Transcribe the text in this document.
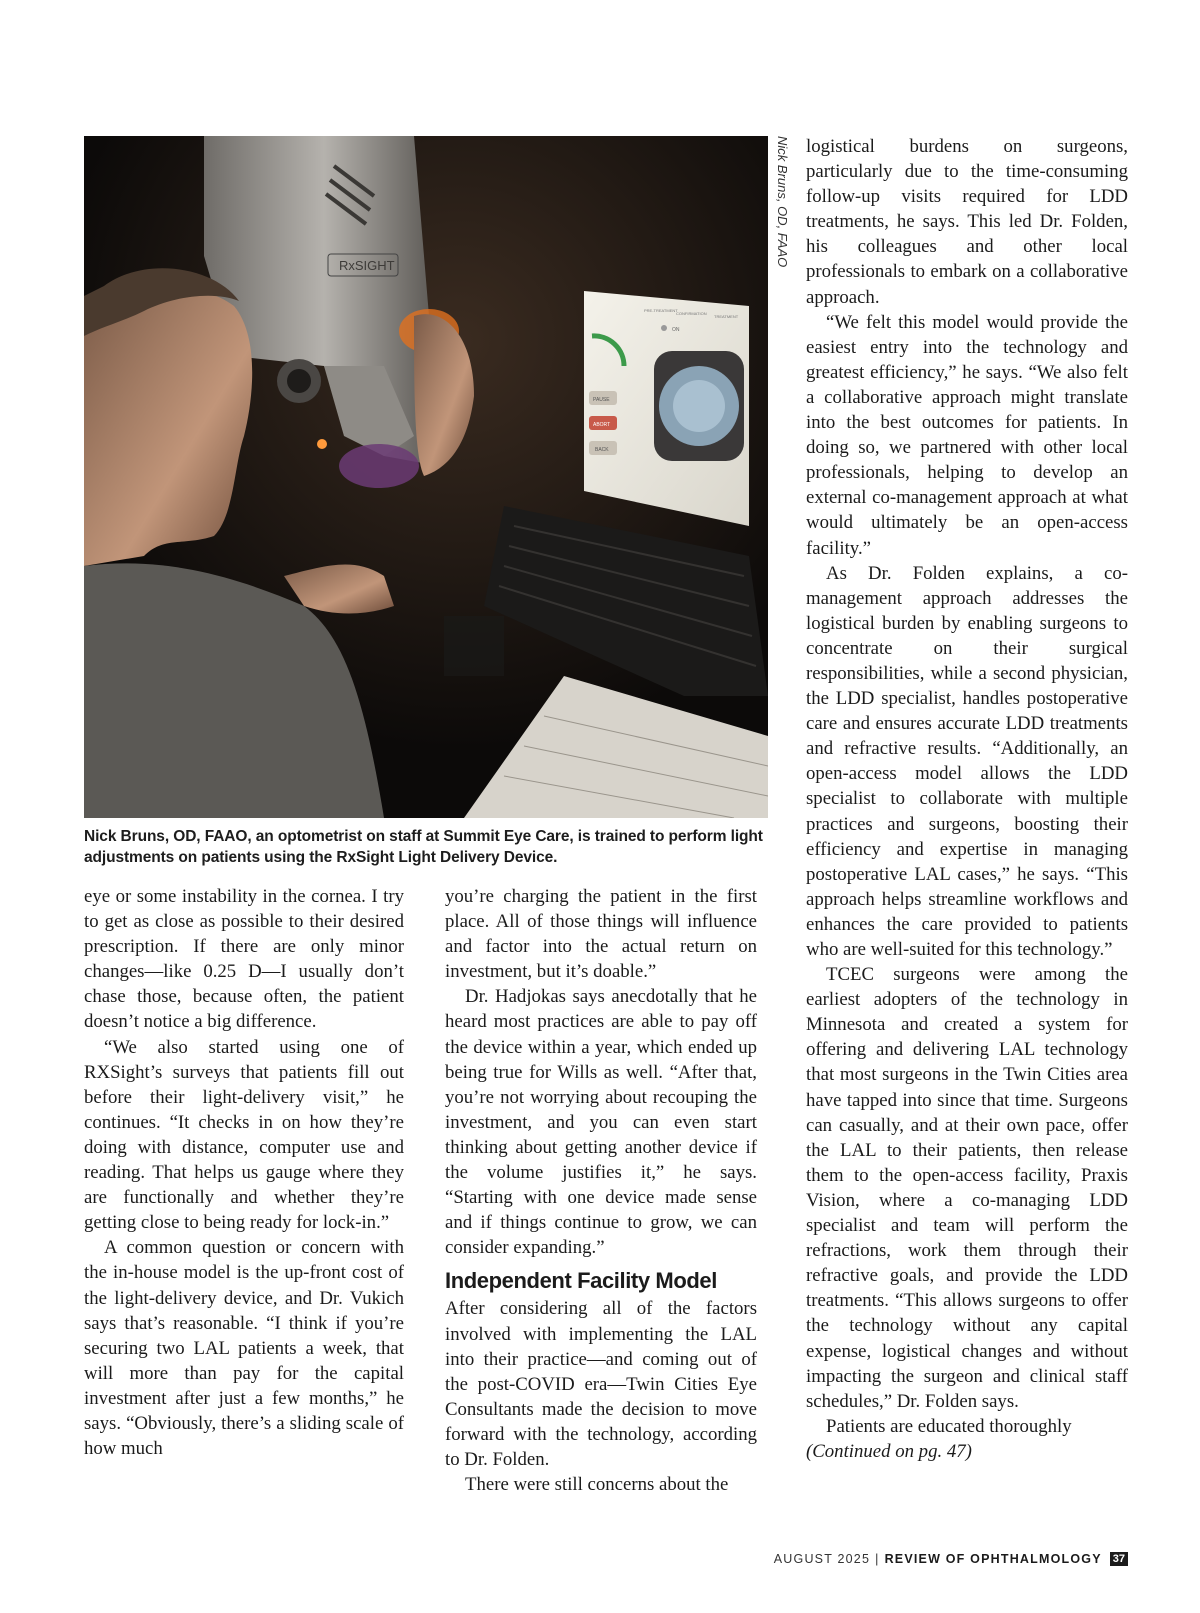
RxSIGHT
PRE-TREATMENT
CONFIRMATION
TREATMENT
ON
PAUSE
ABORT
BACK
Nick Bruns, OD, FAAO
Nick Bruns, OD, FAAO, an optometrist on staff at Summit Eye Care, is trained to perform light adjustments on patients using the RxSight Light Delivery Device.

eye or some instability in the cornea. I try to get as close as possible to their desired prescription. If there are only minor changes—like 0.25 D—I usually don’t chase those, because often, the patient doesn’t notice a big difference.

“We also started using one of RXSight’s surveys that patients fill out before their light-delivery visit,” he continues. “It checks in on how they’re doing with distance, computer use and reading. That helps us gauge where they are functionally and whether they’re getting close to being ready for lock-in.”

A common question or concern with the in-house model is the up-front cost of the light-delivery device, and Dr. Vukich says that’s reasonable. “I think if you’re securing two LAL patients a week, that will more than pay for the capital investment after just a few months,” he says. “Obviously, there’s a sliding scale of how much

you’re charging the patient in the first place. All of those things will influence and factor into the actual return on investment, but it’s doable.”

Dr. Hadjokas says anecdotally that he heard most practices are able to pay off the device within a year, which ended up being true for Wills as well. “After that, you’re not worrying about recouping the investment, and you can even start thinking about getting another device if the volume justifies it,” he says. “Starting with one device made sense and if things continue to grow, we can consider expanding.”

Independent Facility Model

After considering all of the factors involved with implementing the LAL into their practice—and coming out of the post-COVID era—Twin Cities Eye Consultants made the decision to move forward with the technology, according to Dr. Folden.

There were still concerns about the

logistical burdens on surgeons, particularly due to the time-consuming follow-up visits required for LDD treatments, he says. This led Dr. Folden, his colleagues and other local professionals to embark on a collaborative approach.

“We felt this model would provide the easiest entry into the technology and greatest efficiency,” he says. “We also felt a collaborative approach might translate into the best outcomes for patients. In doing so, we partnered with other local professionals, helping to develop an external co-management approach at what would ultimately be an open-access facility.”

As Dr. Folden explains, a co-management approach addresses the logistical burden by enabling surgeons to concentrate on their surgical responsibilities, while a second physician, the LDD specialist, handles postoperative care and ensures accurate LDD treatments and refractive results. “Additionally, an open-access model allows the LDD specialist to collaborate with multiple practices and surgeons, boosting their efficiency and expertise in managing postoperative LAL cases,” he says. “This approach helps streamline workflows and enhances the care provided to patients who are well-suited for this technology.”

TCEC surgeons were among the earliest adopters of the technology in Minnesota and created a system for offering and delivering LAL technology that most surgeons in the Twin Cities area have tapped into since that time. Surgeons can casually, and at their own pace, offer the LAL to their patients, then release them to the open-access facility, Praxis Vision, where a co-managing LDD specialist and team will perform the refractions, work them through their refractive goals, and provide the LDD treatments. “This allows surgeons to offer the technology without any capital expense, logistical changes and without impacting the surgeon and clinical staff schedules,” Dr. Folden says.

Patients are educated thoroughly

(Continued on pg. 47)

AUGUST 2025 | REVIEW OF OPHTHALMOLOGY 37
